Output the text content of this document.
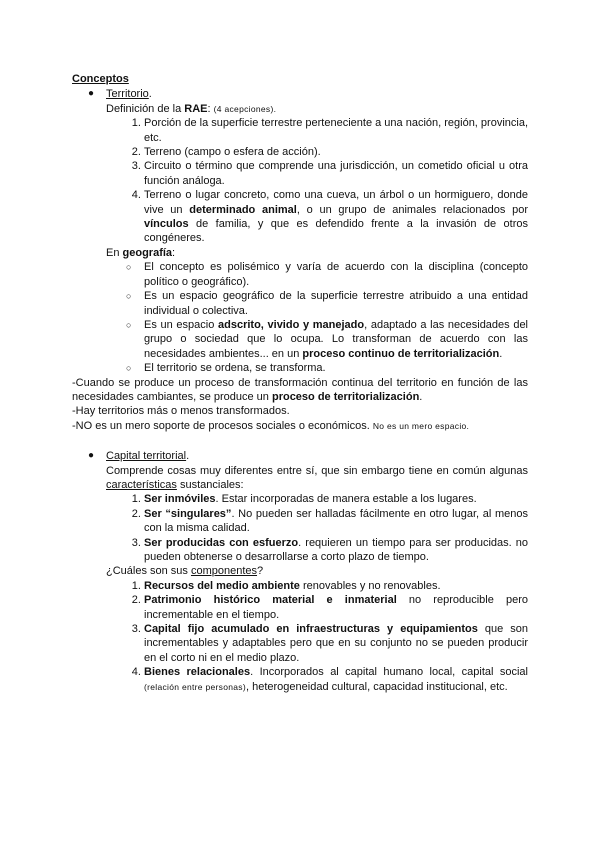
Conceptos
● Territorio.
Definición de la RAE: (4 acepciones).
1. Porción de la superficie terrestre perteneciente a una nación, región, provincia, etc.
2. Terreno (campo o esfera de acción).
3. Circuito o término que comprende una jurisdicción, un cometido oficial u otra función análoga.
4. Terreno o lugar concreto, como una cueva, un árbol o un hormiguero, donde vive un determinado animal, o un grupo de animales relacionados por vínculos de familia, y que es defendido frente a la invasión de otros congéneres.
En geografía:
○ El concepto es polisémico y varía de acuerdo con la disciplina (concepto político o geográfico).
○ Es un espacio geográfico de la superficie terrestre atribuido a una entidad individual o colectiva.
○ Es un espacio adscrito, vivido y manejado, adaptado a las necesidades del grupo o sociedad que lo ocupa. Lo transforman de acuerdo con las necesidades ambientes... en un proceso continuo de territorialización.
○ El territorio se ordena, se transforma.
-Cuando se produce un proceso de transformación continua del territorio en función de las necesidades cambiantes, se produce un proceso de territorialización.
-Hay territorios más o menos transformados.
-NO es un mero soporte de procesos sociales o económicos. No es un mero espacio.
● Capital territorial.
Comprende cosas muy diferentes entre sí, que sin embargo tiene en común algunas características sustanciales:
1. Ser inmóviles. Estar incorporadas de manera estable a los lugares.
2. Ser “singulares”. No pueden ser halladas fácilmente en otro lugar, al menos con la misma calidad.
3. Ser producidas con esfuerzo. requieren un tiempo para ser producidas. no pueden obtenerse o desarrollarse a corto plazo de tiempo.
¿Cuáles son sus componentes?
1. Recursos del medio ambiente renovables y no renovables.
2. Patrimonio histórico material e inmaterial no reproducible pero incrementable en el tiempo.
3. Capital fijo acumulado en infraestructuras y equipamientos que son incrementables y adaptables pero que en su conjunto no se pueden producir en el corto ni en el medio plazo.
4. Bienes relacionales. Incorporados al capital humano local, capital social (relación entre personas), heterogeneidad cultural, capacidad institucional, etc.
